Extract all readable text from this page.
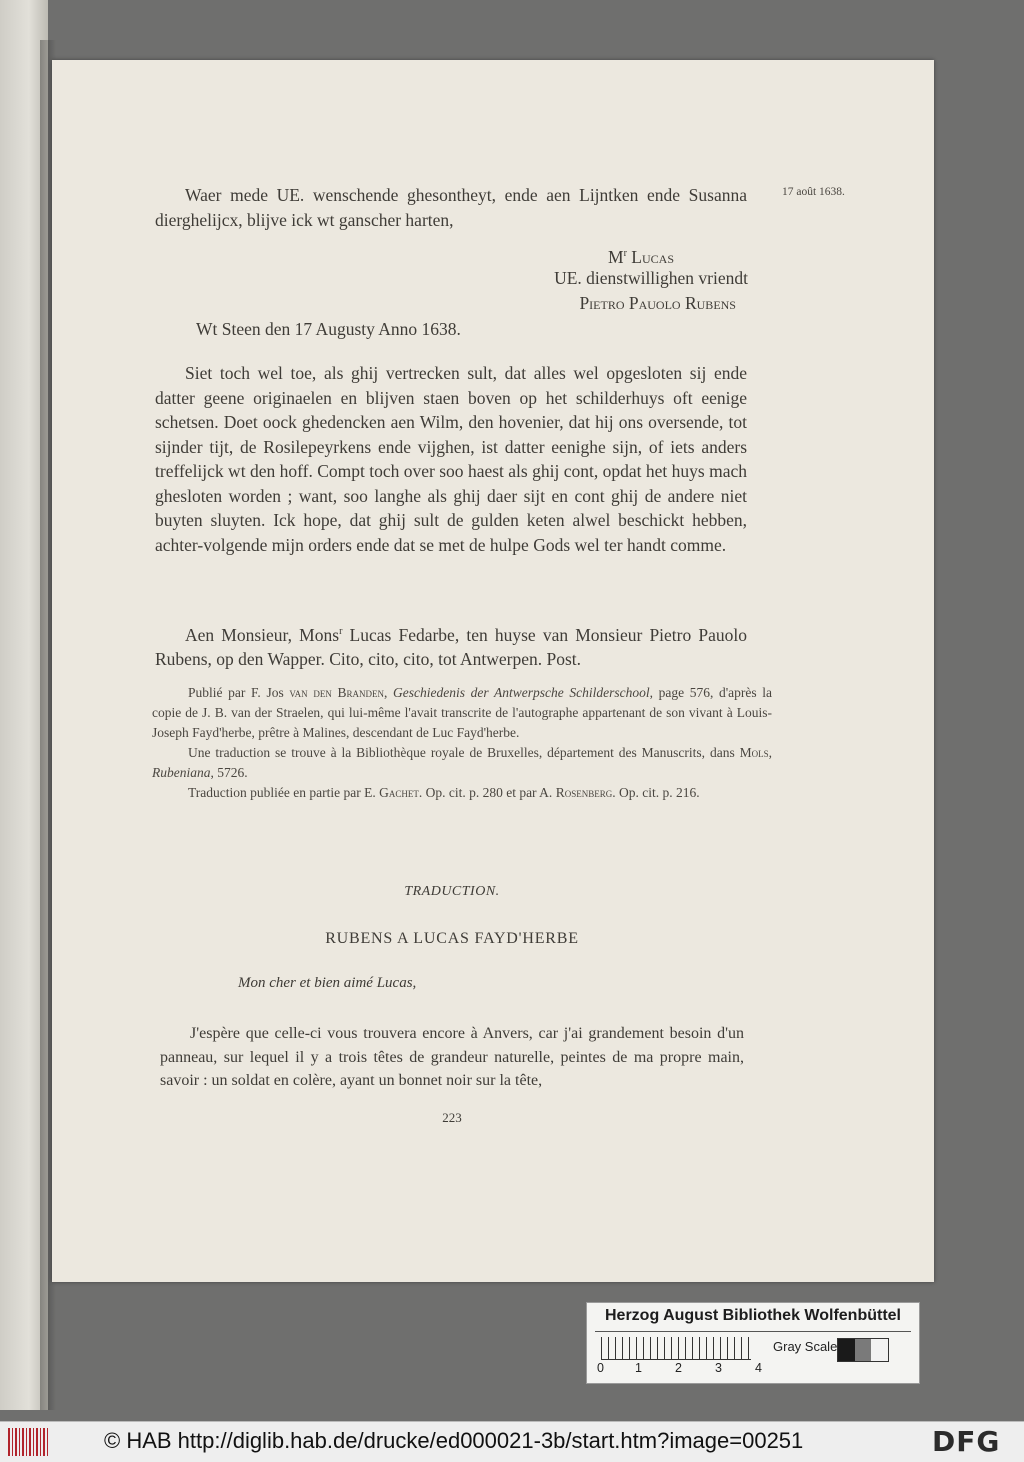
Waer mede UE. wenschende ghesontheyt, ende aen Lijntken ende Susanna dierghelijcx, blijve ick wt ganscher harten,
17 août 1638.
$M^r$ Lucas
UE. dienstwillighen vriendt
Pietro Pauolo Rubens
Wt Steen den 17 Augusty Anno 1638.
Siet toch wel toe, als ghij vertrecken sult, dat alles wel opgesloten sij ende datter geene originaelen en blijven staen boven op het schilderhuys oft eenige schetsen. Doet oock ghedencken aen Wilm, den hovenier, dat hij ons oversende, tot sijnder tijt, de Rosilepeyrkens ende vijghen, ist datter eenighe sijn, of iets anders treffelijck wt den hoff. Compt toch over soo haest als ghij cont, opdat het huys mach ghesloten worden ; want, soo langhe als ghij daer sijt en cont ghij de andere niet buyten sluyten. Ick hope, dat ghij sult de gulden keten alwel beschickt hebben, achter-volgende mijn orders ende dat se met de hulpe Gods wel ter handt comme.
Aen Monsieur, Mons$^r$ Lucas Fedarbe, ten huyse van Monsieur Pietro Pauolo Rubens, op den Wapper. Cito, cito, cito, tot Antwerpen. Post.

Publié par F. Jos van den Branden, Geschiedenis der Antwerpsche Schilderschool, page 576, d'après la copie de J. B. van der Straelen, qui lui-même l'avait transcrite de l'autographe appartenant de son vivant à Louis-Joseph Fayd'herbe, prêtre à Malines, descendant de Luc Fayd'herbe.

Une traduction se trouve à la Bibliothèque royale de Bruxelles, département des Manuscrits, dans Mols, Rubeniana, 5726.

Traduction publiée en partie par E. Gachet. Op. cit. p. 280 et par A. Rosenberg. Op. cit. p. 216.

TRADUCTION.
RUBENS A LUCAS FAYD'HERBE
Mon cher et bien aimé Lucas,
J'espère que celle-ci vous trouvera encore à Anvers, car j'ai grandement besoin d'un panneau, sur lequel il y a trois têtes de grandeur naturelle, peintes de ma propre main, savoir : un soldat en colère, ayant un bonnet noir sur la tête,
223
Herzog August Bibliothek Wolfenbüttel
0 1	2	3	4
Gray Scale
© HAB http://diglib.hab.de/drucke/ed000021-3b/start.htm?image=00251	DFG
